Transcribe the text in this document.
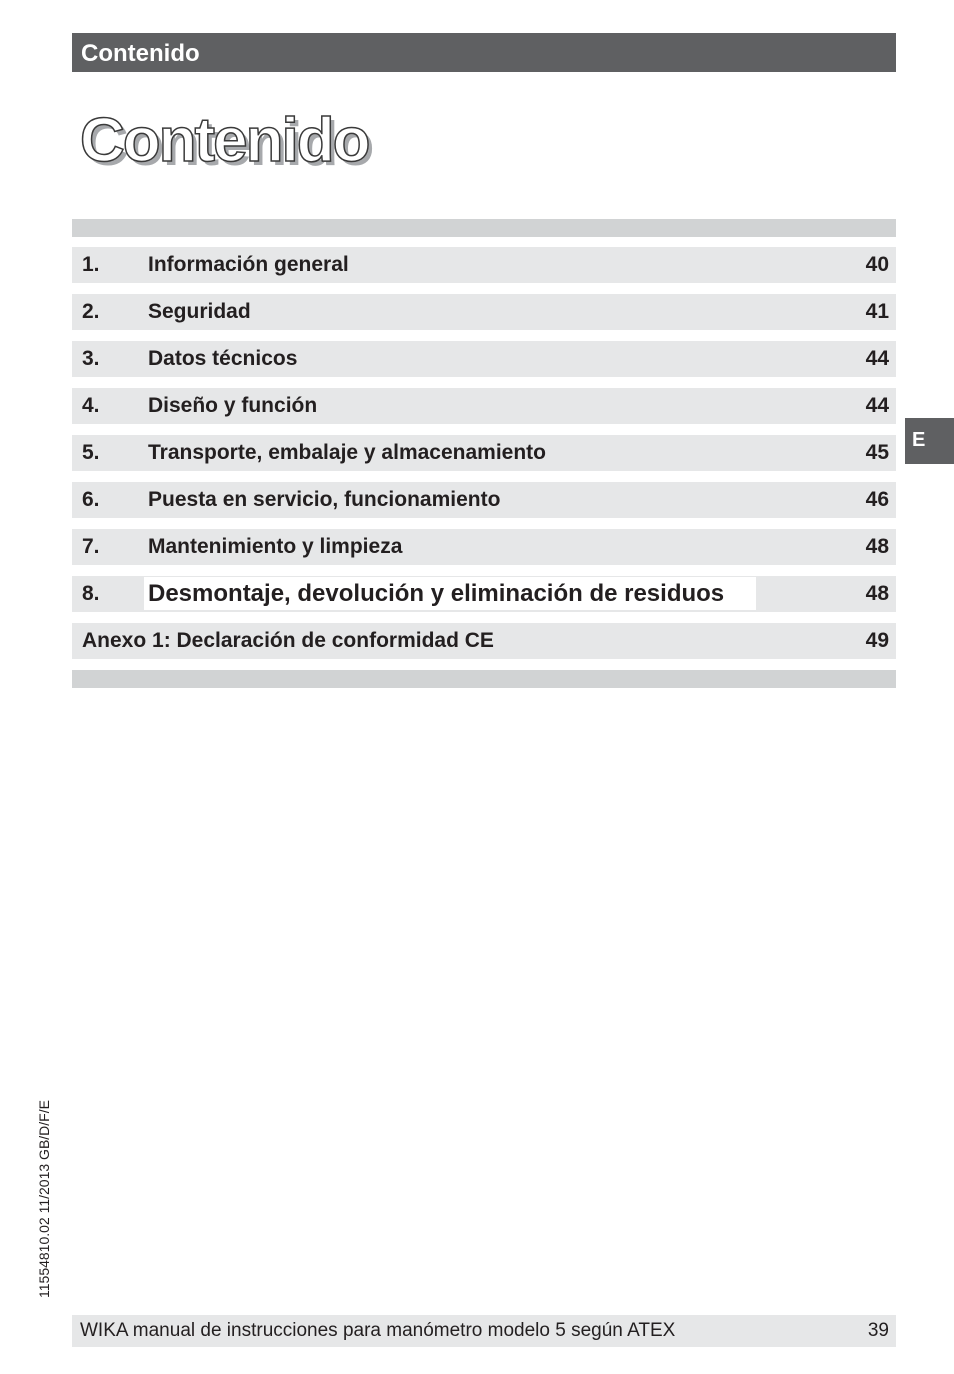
Contenido
Contenido
1. Información general	40
2. Seguridad	41
3. Datos técnicos	44
4. Diseño y función	44
5. Transporte, embalaje y almacenamiento	45
6. Puesta en servicio, funcionamiento	46
7. Mantenimiento y limpieza	48
8. Desmontaje, devolución y eliminación de residuos	48
Anexo 1: Declaración de conformidad CE	49
E
11554810.02 11/2013 GB/D/F/E
WIKA manual de instrucciones para manómetro modelo 5 según ATEX	39
